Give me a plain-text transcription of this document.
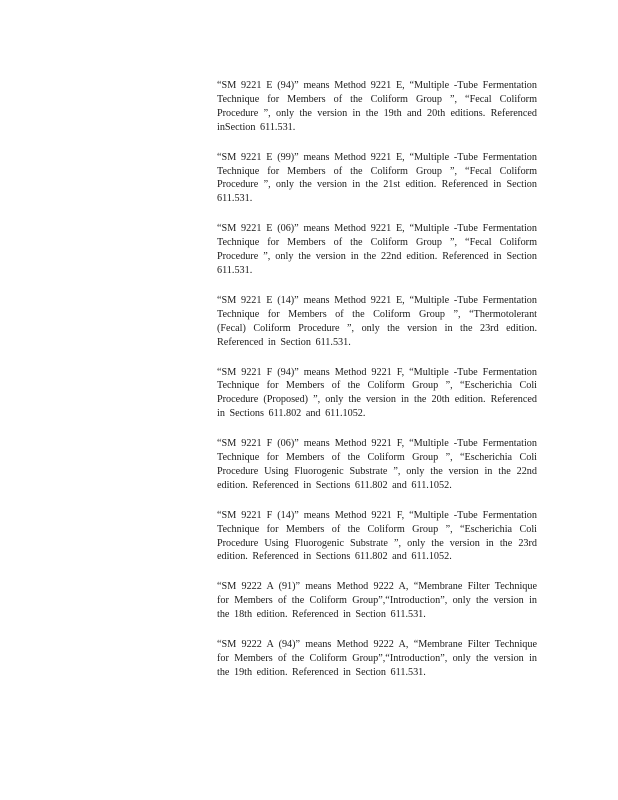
“SM 9221 E (94)” means Method 9221 E, “Multiple -Tube Fermentation Technique for Members of the Coliform Group ”, “Fecal Coliform Procedure ”, only the version in the 19th and 20th editions. Referenced inSection 611.531.

“SM 9221 E (99)” means Method 9221 E, “Multiple -Tube Fermentation Technique for Members of the Coliform Group ”, “Fecal Coliform Procedure ”, only the version in the 21st edition. Referenced in Section 611.531.

“SM 9221 E (06)” means Method 9221 E, “Multiple -Tube Fermentation Technique for Members of the Coliform Group ”, “Fecal Coliform Procedure ”, only the version in the 22nd edition. Referenced in Section 611.531.

“SM 9221 E (14)” means Method 9221 E, “Multiple -Tube Fermentation Technique for Members of the Coliform Group ”, “Thermotolerant (Fecal) Coliform Procedure ”, only the version in the 23rd edition. Referenced in Section 611.531.

“SM 9221 F (94)” means Method 9221 F, “Multiple -Tube Fermentation Technique for Members of the Coliform Group ”, “Escherichia Coli Procedure (Proposed) ”, only the version in the 20th edition. Referenced in Sections 611.802 and 611.1052.

“SM 9221 F (06)” means Method 9221 F, “Multiple -Tube Fermentation Technique for Members of the Coliform Group ”, “Escherichia Coli Procedure Using Fluorogenic Substrate ”, only the version in the 22nd edition. Referenced in Sections 611.802 and 611.1052.

“SM 9221 F (14)” means Method 9221 F, “Multiple -Tube Fermentation Technique for Members of the Coliform Group ”, “Escherichia Coli Procedure Using Fluorogenic Substrate ”, only the version in the 23rd edition. Referenced in Sections 611.802 and 611.1052.

“SM 9222 A (91)” means Method 9222 A, “Membrane Filter Technique for Members of the Coliform Group”,“Introduction”, only the version in the 18th edition. Referenced in Section 611.531.

“SM 9222 A (94)” means Method 9222 A, “Membrane Filter Technique for Members of the Coliform Group”,“Introduction”, only the version in the 19th edition. Referenced in Section 611.531.
